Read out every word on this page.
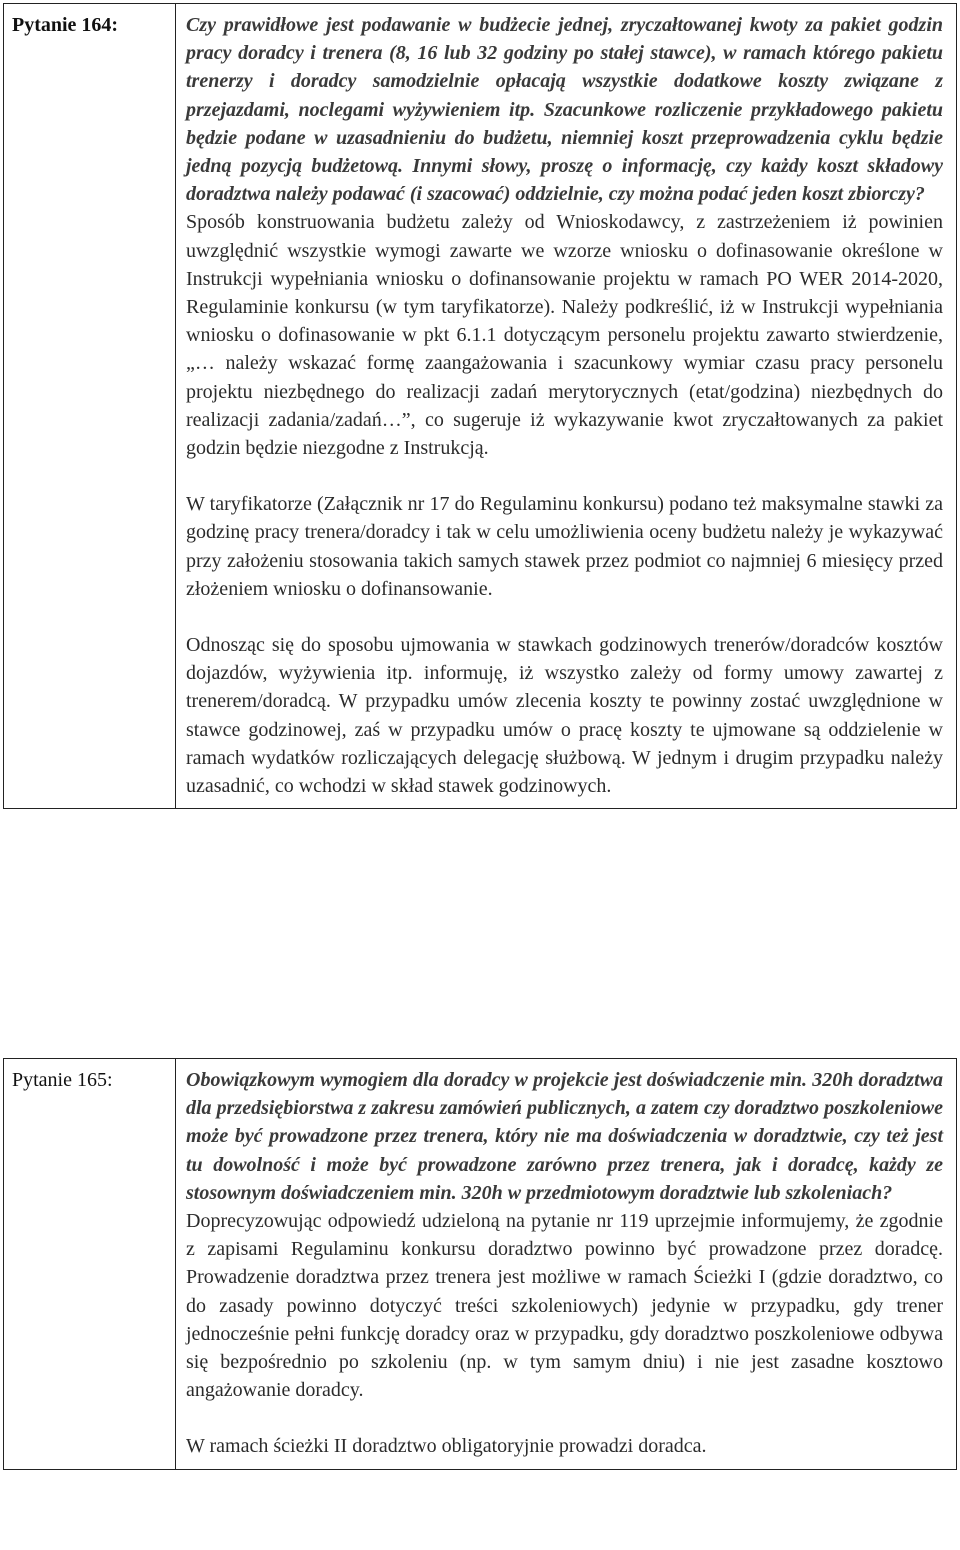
Pytanie 164:	Czy prawidłowe jest podawanie w budżecie jednej, zryczałtowanej kwoty za pakiet godzin pracy doradcy i trenera (8, 16 lub 32 godziny po stałej stawce), w ramach którego pakietu trenerzy i doradcy samodzielnie opłacają wszystkie dodatkowe koszty związane z przejazdami, noclegami wyżywieniem itp. Szacunkowe rozliczenie przykładowego pakietu będzie podane w uzasadnieniu do budżetu, niemniej koszt przeprowadzenia cyklu będzie jedną pozycją budżetową. Innymi słowy, proszę o informację, czy każdy koszt składowy doradztwa należy podawać (i szacować) oddzielnie, czy można podać jeden koszt zbiorczy?

Sposób konstruowania budżetu zależy od Wnioskodawcy, z zastrzeżeniem iż powinien uwzględnić wszystkie wymogi zawarte we wzorze wniosku o dofinasowanie określone w Instrukcji wypełniania wniosku o dofinansowanie projektu w ramach PO WER 2014-2020, Regulaminie konkursu (w tym taryfikatorze). Należy podkreślić, iż w Instrukcji wypełniania wniosku o dofinasowanie w pkt 6.1.1 dotyczącym personelu projektu zawarto stwierdzenie, „… należy wskazać formę zaangażowania i szacunkowy wymiar czasu pracy personelu projektu niezbędnego do realizacji zadań merytorycznych (etat/godzina) niezbędnych do realizacji zadania/zadań…”, co sugeruje iż wykazywanie kwot zryczałtowanych za pakiet godzin będzie niezgodne z Instrukcją.

W taryfikatorze (Załącznik nr 17 do Regulaminu konkursu) podano też maksymalne stawki za godzinę pracy trenera/doradcy i tak w celu umożliwienia oceny budżetu należy je wykazywać przy założeniu stosowania takich samych stawek przez podmiot co najmniej 6 miesięcy przed złożeniem wniosku o dofinansowanie.

Odnosząc się do sposobu ujmowania w stawkach godzinowych trenerów/doradców kosztów dojazdów, wyżywienia itp. informuję, iż wszystko zależy od formy umowy zawartej z trenerem/doradcą. W przypadku umów zlecenia koszty te powinny zostać uwzględnione w stawce godzinowej, zaś w przypadku umów o pracę koszty te ujmowane są oddzielenie w ramach wydatków rozliczających delegację służbową. W jednym i drugim przypadku należy uzasadnić, co wchodzi w skład stawek godzinowych.

Pytanie 165:	Obowiązkowym wymogiem dla doradcy w projekcie jest doświadczenie min. 320h doradztwa dla przedsiębiorstwa z zakresu zamówień publicznych, a zatem czy doradztwo poszkoleniowe może być prowadzone przez trenera, który nie ma doświadczenia w doradztwie, czy też jest tu dowolność i może być prowadzone zarówno przez trenera, jak i doradcę, każdy ze stosownym doświadczeniem min. 320h w przedmiotowym doradztwie lub szkoleniach?

Doprecyzowując odpowiedź udzieloną na pytanie nr 119 uprzejmie informujemy, że zgodnie z zapisami Regulaminu konkursu doradztwo powinno być prowadzone przez doradcę. Prowadzenie doradztwa przez trenera jest możliwe w ramach Ścieżki I (gdzie doradztwo, co do zasady powinno dotyczyć treści szkoleniowych) jedynie w przypadku, gdy trener jednocześnie pełni funkcję doradcy oraz w przypadku, gdy doradztwo poszkoleniowe odbywa się bezpośrednio po szkoleniu (np. w tym samym dniu) i nie jest zasadne kosztowo angażowanie doradcy.

W ramach ścieżki II doradztwo obligatoryjnie prowadzi doradca.
